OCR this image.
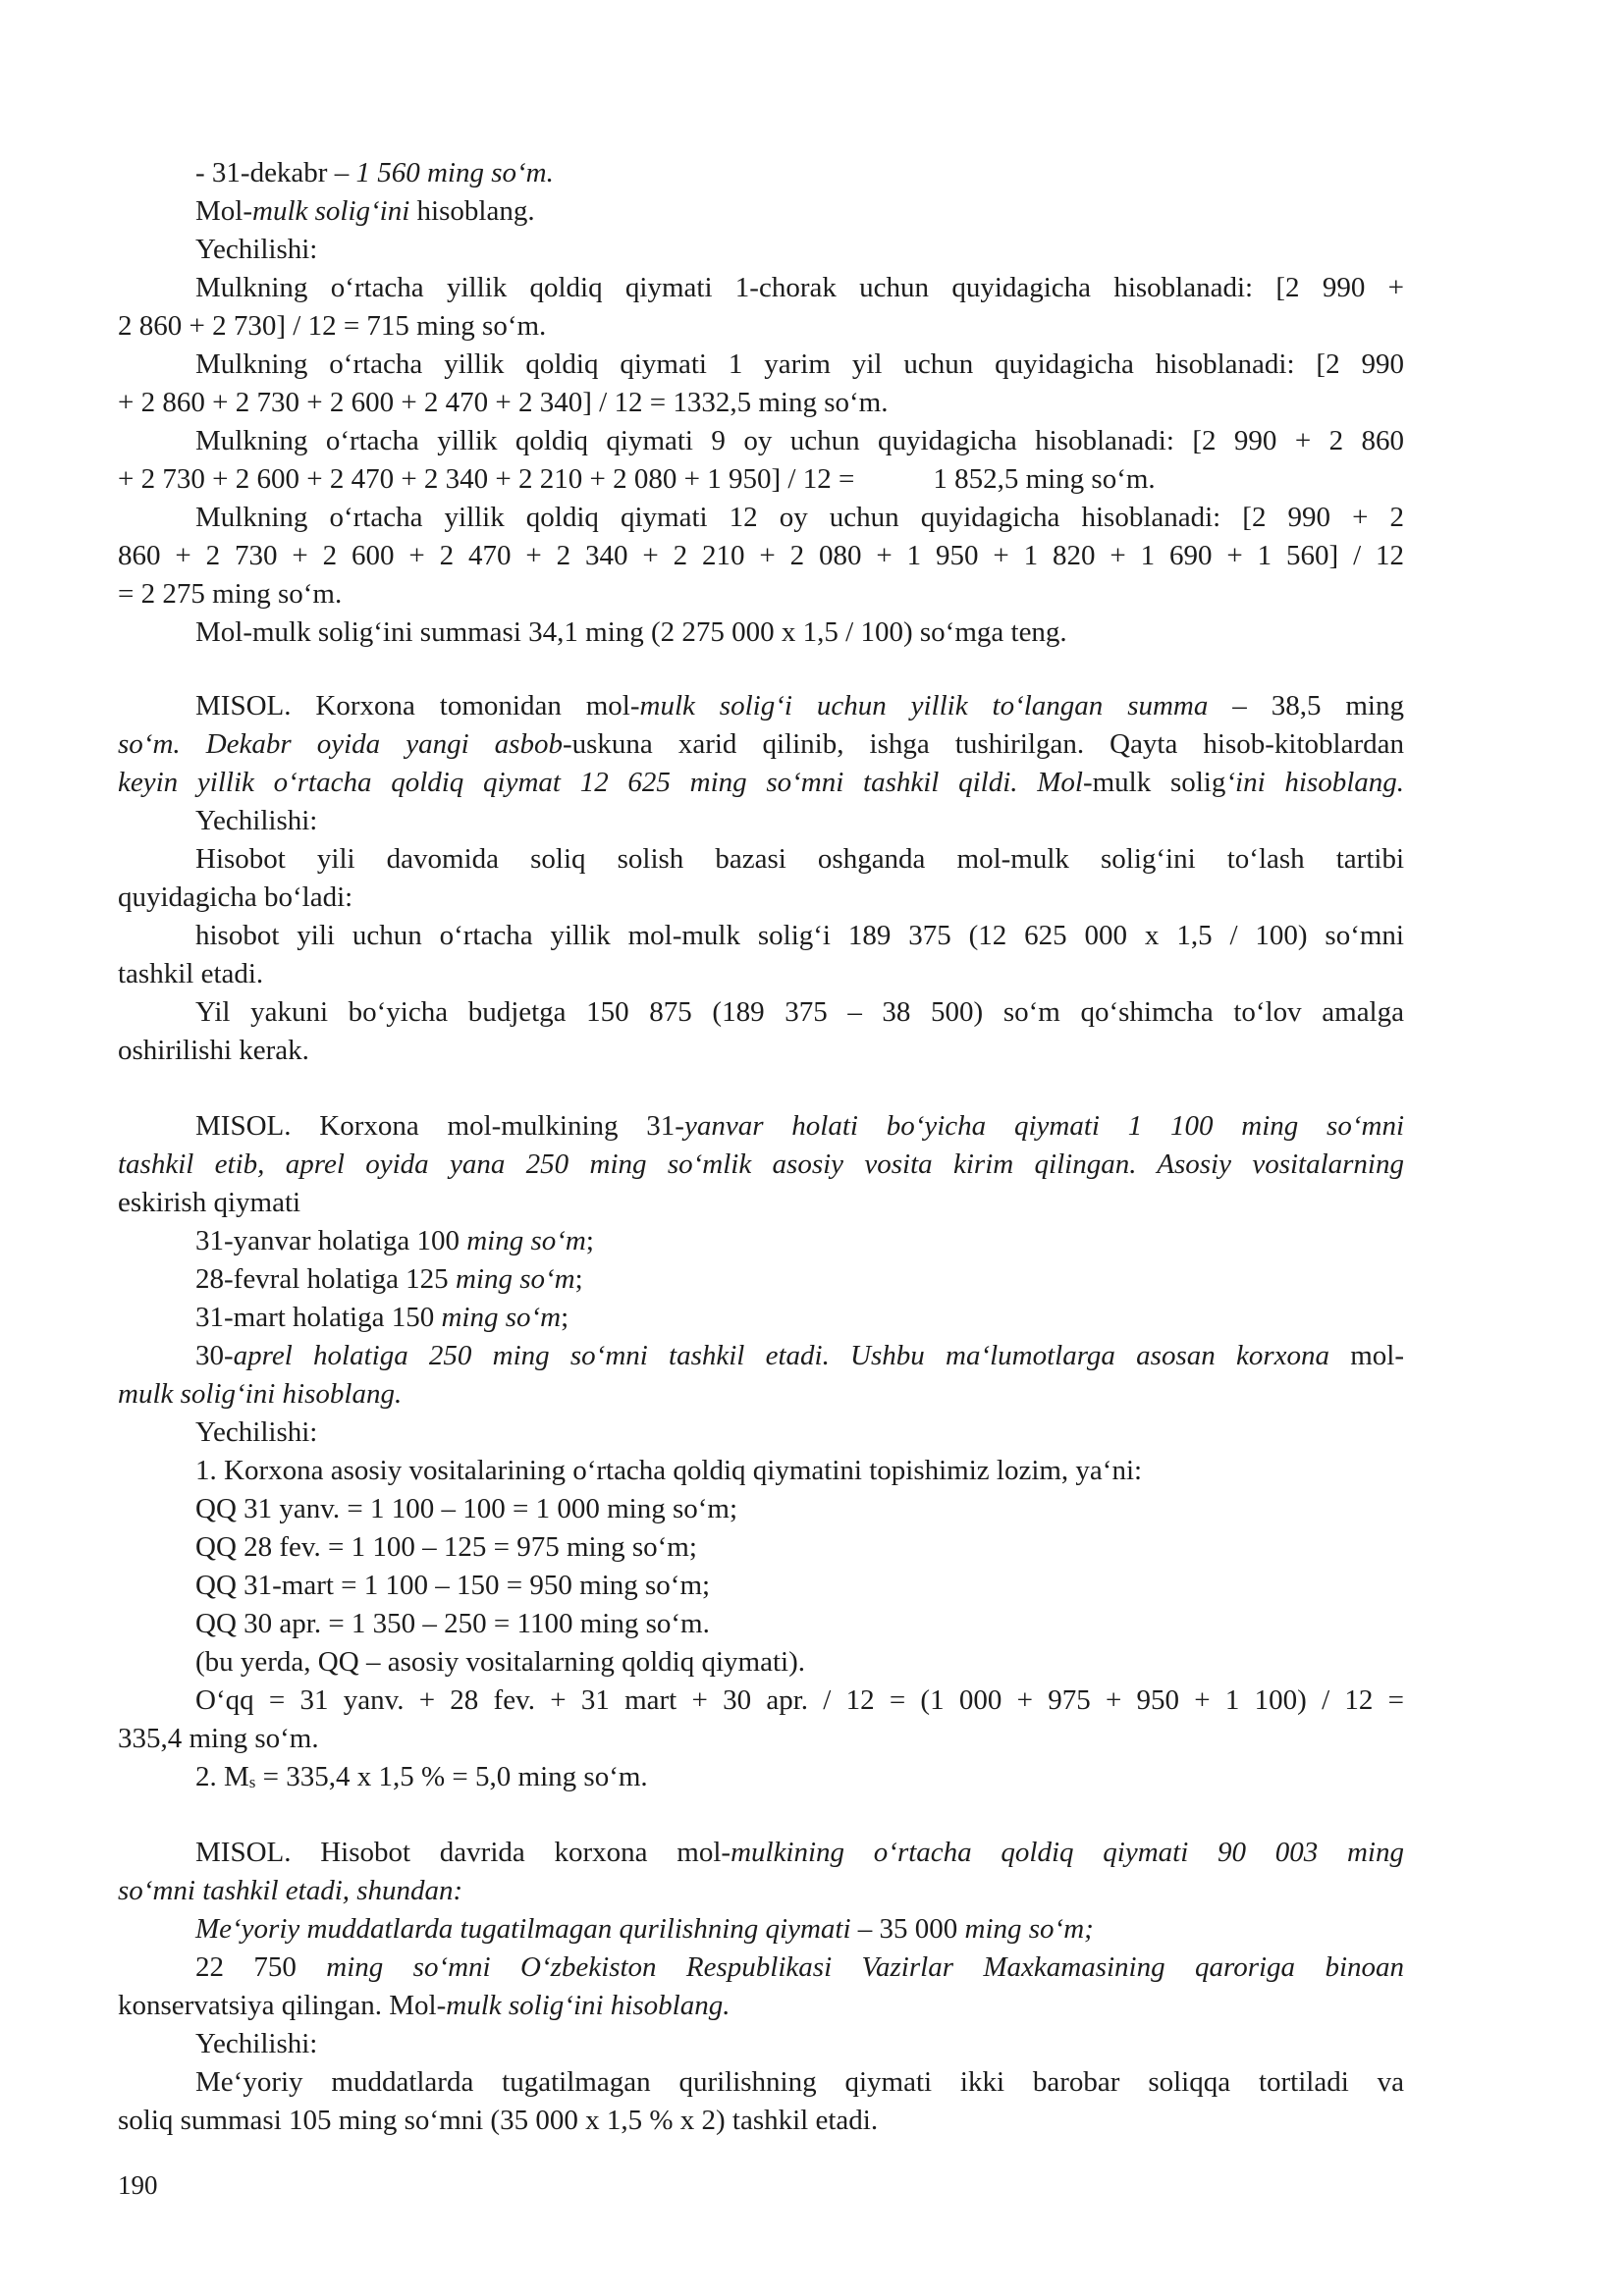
- 31-dekabr – 1 560 ming so‘m.
Mol-mulk solig‘ini hisoblang.
Yechilishi:
Mulkning o‘rtacha yillik qoldiq qiymati 1-chorak uchun quyidagicha hisoblanadi: [2 990 +
2 860 + 2 730] / 12 = 715 ming so‘m.
Mulkning o‘rtacha yillik qoldiq qiymati 1 yarim yil uchun quyidagicha hisoblanadi: [2 990
+ 2 860 + 2 730 + 2 600 + 2 470 + 2 340] / 12 = 1332,5 ming so‘m.
Mulkning o‘rtacha yillik qoldiq qiymati 9 oy uchun quyidagicha hisoblanadi: [2 990 + 2 860
+ 2 730 + 2 600 + 2 470 + 2 340 + 2 210 + 2 080 + 1 950] / 12 =	1 852,5 ming so‘m.
Mulkning o‘rtacha yillik qoldiq qiymati 12 oy uchun quyidagicha hisoblanadi: [2 990 + 2
860 + 2 730 + 2 600 + 2 470 + 2 340 + 2 210 + 2 080 + 1 950 + 1 820 + 1 690 + 1 560] / 12
= 2 275 ming so‘m.
Mol-mulk solig‘ini summasi 34,1 ming (2 275 000 x 1,5 / 100) so‘mga teng.
MISOL. Korxona tomonidan mol-mulk solig‘i uchun yillik to‘langan summa – 38,5 ming
so‘m. Dekabr oyida yangi asbob-uskuna xarid qilinib, ishga tushirilgan. Qayta hisob-kitoblardan
keyin yillik o‘rtacha qoldiq qiymat 12 625 ming so‘mni tashkil qildi. Mol-mulk solig‘ini hisoblang.
Yechilishi:
Hisobot yili davomida soliq solish bazasi oshganda mol-mulk solig‘ini to‘lash tartibi
quyidagicha bo‘ladi:
hisobot yili uchun o‘rtacha yillik mol-mulk solig‘i 189 375 (12 625 000 x 1,5 / 100) so‘mni
tashkil etadi.
Yil yakuni bo‘yicha budjetga 150 875 (189 375 – 38 500) so‘m qo‘shimcha to‘lov amalga
oshirilishi kerak.
MISOL. Korxona mol-mulkining 31-yanvar holati bo‘yicha qiymati 1 100 ming so‘mni
tashkil etib, aprel oyida yana 250 ming so‘mlik asosiy vosita kirim qilingan. Asosiy vositalarning
eskirish qiymati
31-yanvar holatiga 100 ming so‘m;
28-fevral holatiga 125 ming so‘m;
31-mart holatiga 150 ming so‘m;
30-aprel holatiga 250 ming so‘mni tashkil etadi. Ushbu ma‘lumotlarga asosan korxona mol-
mulk solig‘ini hisoblang.
Yechilishi:
1. Korxona asosiy vositalarining o‘rtacha qoldiq qiymatini topishimiz lozim, ya‘ni:
QQ 31 yanv. = 1 100 – 100 = 1 000 ming so‘m;
QQ 28 fev. = 1 100 – 125 = 975 ming so‘m;
QQ 31-mart = 1 100 – 150 = 950 ming so‘m;
QQ 30 apr. = 1 350 – 250 = 1100 ming so‘m.
(bu yerda, QQ – asosiy vositalarning qoldiq qiymati).
O‘qq = 31 yanv. + 28 fev. + 31 mart + 30 apr. / 12 = (1 000 + 975 + 950 + 1 100) / 12 =
335,4 ming so‘m.
2. $M_s = 335,4$ x 1,5 % = 5,0 ming so‘m.
MISOL. Hisobot davrida korxona mol-mulkining o‘rtacha qoldiq qiymati 90 003 ming
so‘mni tashkil etadi, shundan:
Me‘yoriy muddatlarda tugatilmagan qurilishning qiymati – 35 000 ming so‘m;
22 750 ming so‘mni O‘zbekiston Respublikasi Vazirlar Maxkamasining qaroriga binoan
konservatsiya qilingan. Mol-mulk solig‘ini hisoblang.
Yechilishi:
Me‘yoriy muddatlarda tugatilmagan qurilishning qiymati ikki barobar soliqqa tortiladi va
soliq summasi 105 ming so‘mni (35 000 x 1,5 % x 2) tashkil etadi.
190
